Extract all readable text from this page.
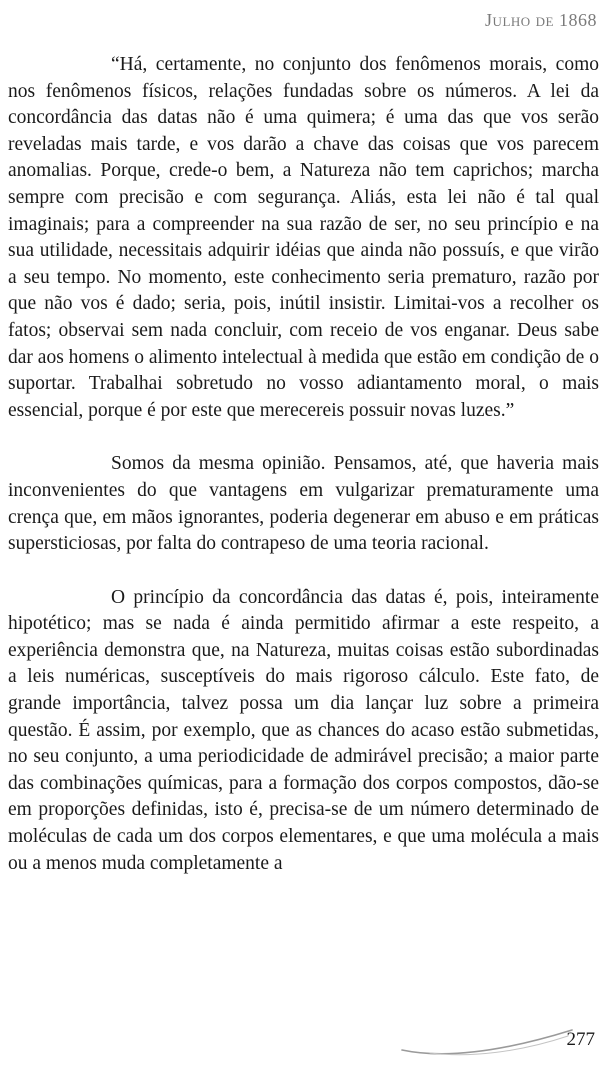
Julho de 1868

“Há, certamente, no conjunto dos fenômenos morais, como nos fenômenos físicos, relações fundadas sobre os números. A lei da concordância das datas não é uma quimera; é uma das que vos serão reveladas mais tarde, e vos darão a chave das coisas que vos parecem anomalias. Porque, crede-o bem, a Natureza não tem caprichos; marcha sempre com precisão e com segurança. Aliás, esta lei não é tal qual imaginais; para a compreender na sua razão de ser, no seu princípio e na sua utilidade, necessitais adquirir idéias que ainda não possuís, e que virão a seu tempo. No momento, este conhecimento seria prematuro, razão por que não vos é dado; seria, pois, inútil insistir. Limitai-vos a recolher os fatos; observai sem nada concluir, com receio de vos enganar. Deus sabe dar aos homens o alimento intelectual à medida que estão em condição de o suportar. Trabalhai sobretudo no vosso adiantamento moral, o mais essencial, porque é por este que merecereis possuir novas luzes.”

Somos da mesma opinião. Pensamos, até, que haveria mais inconvenientes do que vantagens em vulgarizar prematuramente uma crença que, em mãos ignorantes, poderia degenerar em abuso e em práticas supersticiosas, por falta do contrapeso de uma teoria racional.

O princípio da concordância das datas é, pois, inteiramente hipotético; mas se nada é ainda permitido afirmar a este respeito, a experiência demonstra que, na Natureza, muitas coisas estão subordinadas a leis numéricas, susceptíveis do mais rigoroso cálculo. Este fato, de grande importância, talvez possa um dia lançar luz sobre a primeira questão. É assim, por exemplo, que as chances do acaso estão submetidas, no seu conjunto, a uma periodicidade de admirável precisão; a maior parte das combinações químicas, para a formação dos corpos compostos, dão-se em proporções definidas, isto é, precisa-se de um número determinado de moléculas de cada um dos corpos elementares, e que uma molécula a mais ou a menos muda completamente a

277
